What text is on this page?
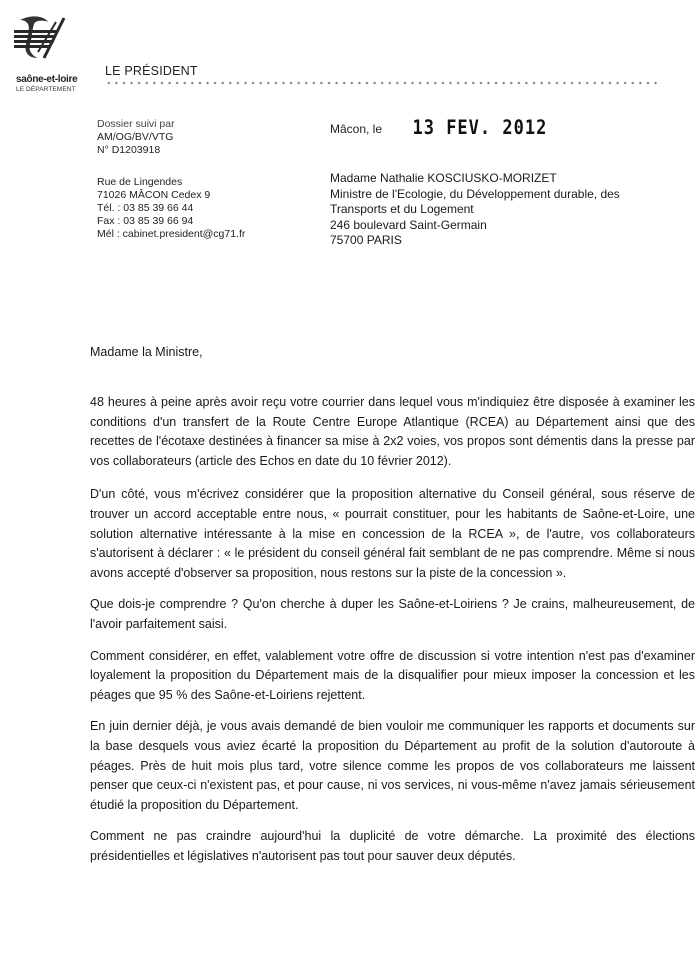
saône-et-loire
LE DÉPARTEMENT
LE PRÉSIDENT
Dossier suivi par
AM/OG/BV/VTG
N° D1203918
Rue de Lingendes
71026 MÂCON Cedex 9
Tél. : 03 85 39 66 44
Fax : 03 85 39 66 94
Mél : cabinet.president@cg71.fr
Mâcon, le 13 FEV. 2012
Madame Nathalie KOSCIUSKO-MORIZET
Ministre de l'Ecologie, du Développement durable, des
Transports et du Logement
246 boulevard Saint-Germain
75700 PARIS
Madame la Ministre,

48 heures à peine après avoir reçu votre courrier dans lequel vous m'indiquiez être disposée à examiner les conditions d'un transfert de la Route Centre Europe Atlantique (RCEA) au Département ainsi que des recettes de l'écotaxe destinées à financer sa mise à 2x2 voies, vos propos sont démentis dans la presse par vos collaborateurs (article des Echos en date du 10 février 2012).

D'un côté, vous m'écrivez considérer que la proposition alternative du Conseil général, sous réserve de trouver un accord acceptable entre nous, « pourrait constituer, pour les habitants de Saône-et-Loire, une solution alternative intéressante à la mise en concession de la RCEA », de l'autre, vos collaborateurs s'autorisent à déclarer : « le président du conseil général fait semblant de ne pas comprendre. Même si nous avons accepté d'observer sa proposition, nous restons sur la piste de la concession ».

Que dois-je comprendre ? Qu'on cherche à duper les Saône-et-Loiriens ? Je crains, malheureusement, de l'avoir parfaitement saisi.

Comment considérer, en effet, valablement votre offre de discussion si votre intention n'est pas d'examiner loyalement la proposition du Département mais de la disqualifier pour mieux imposer la concession et les péages que 95 % des Saône-et-Loiriens rejettent.

En juin dernier déjà, je vous avais demandé de bien vouloir me communiquer les rapports et documents sur la base desquels vous aviez écarté la proposition du Département au profit de la solution d'autoroute à péages. Près de huit mois plus tard, votre silence comme les propos de vos collaborateurs me laissent penser que ceux-ci n'existent pas, et pour cause, ni vos services, ni vous-même n'avez jamais sérieusement étudié la proposition du Département.

Comment ne pas craindre aujourd'hui la duplicité de votre démarche. La proximité des élections présidentielles et législatives n'autorisent pas tout pour sauver deux députés.
